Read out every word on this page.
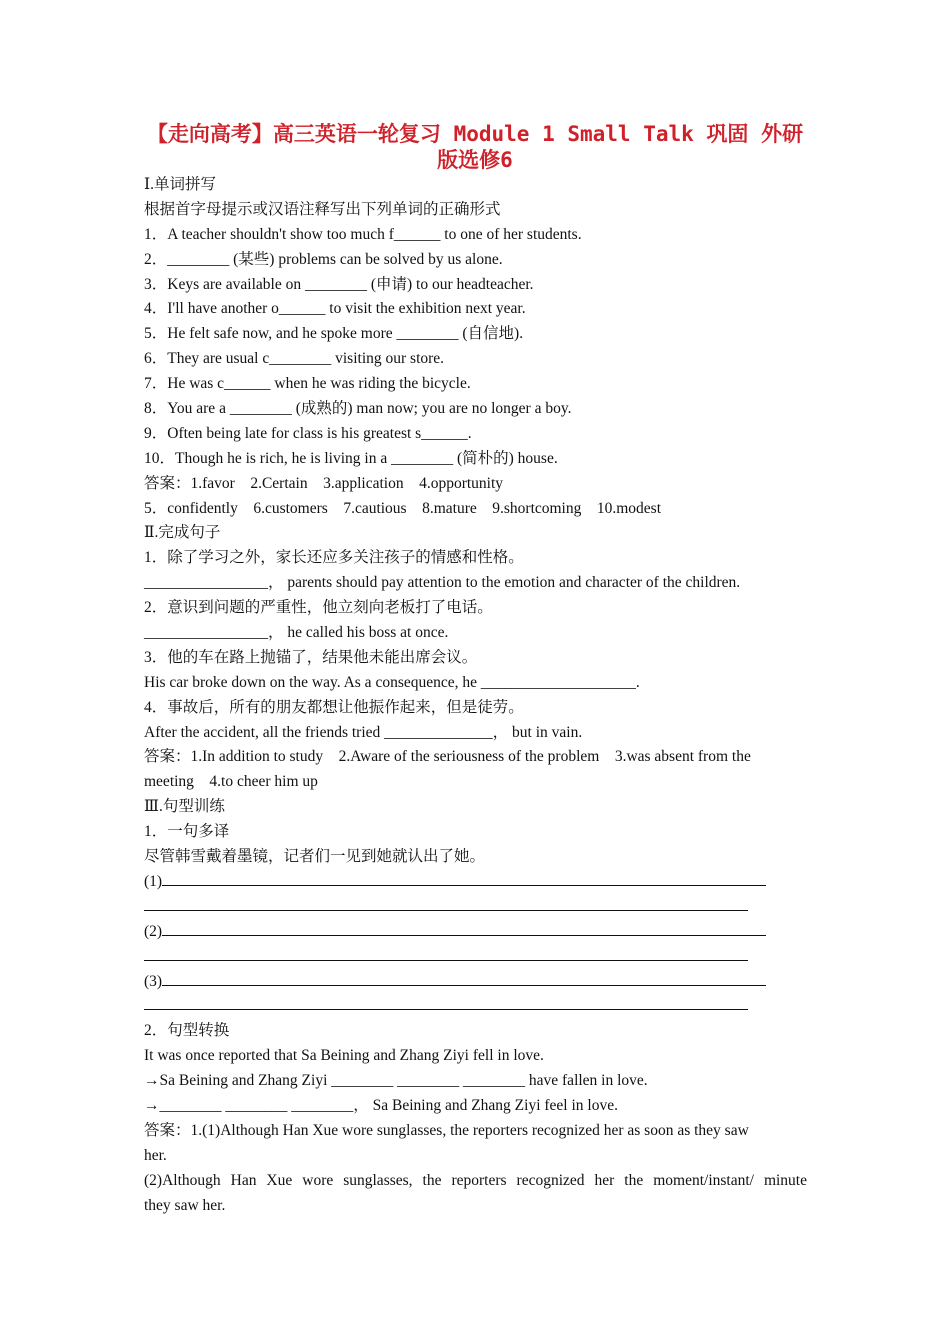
【走向高考】高三英语一轮复习 Module 1 Small Talk 巩固 外研
版选修6
Ⅰ.单词拼写
根据首字母提示或汉语注释写出下列单词的正确形式
1．A teacher shouldn't show too much f______ to one of her students.
2．________ (某些) problems can be solved by us alone.
3．Keys are available on ________ (申请) to our headteacher.
4．I'll have another o______ to visit the exhibition next year.
5．He felt safe now, and he spoke more ________ (自信地).
6．They are usual c________ visiting our store.
7．He was c______ when he was riding the bicycle.
8．You are a ________ (成熟的) man now; you are no longer a boy.
9．Often being late for class is his greatest s______.
10．Though he is rich, he is living in a ________ (简朴的) house.
答案：1.favor    2.Certain    3.application    4.opportunity
5．confidently    6.customers    7.cautious    8.mature    9.shortcoming    10.modest
Ⅱ.完成句子
1．除了学习之外，家长还应多关注孩子的情感和性格。
________________， parents should pay attention to the emotion and character of the children.
2．意识到问题的严重性，他立刻向老板打了电话。
________________， he called his boss at once.
3．他的车在路上抛锚了，结果他未能出席会议。
His car broke down on the way. As a consequence, he ____________________.
4．事故后，所有的朋友都想让他振作起来，但是徒劳。
After the accident, all the friends tried ______________， but in vain.
答案：1.In addition to study    2.Aware of the seriousness of the problem    3.was absent from the
meeting    4.to cheer him up
Ⅲ.句型训练
1．一句多译
尽管韩雪戴着墨镜，记者们一见到她就认出了她。
(1)
(2)
(3)
2．句型转换
It was once reported that Sa Beining and Zhang Ziyi fell in love.
→Sa Beining and Zhang Ziyi ________ ________ ________ have fallen in love.
→________ ________ ________， Sa Beining and Zhang Ziyi feel in love.
答案：1.(1)Although Han Xue wore sunglasses, the reporters recognized her as soon as they saw
her.
(2)Although Han Xue wore sunglasses, the reporters recognized her the moment/instant/ minute
they saw her.
